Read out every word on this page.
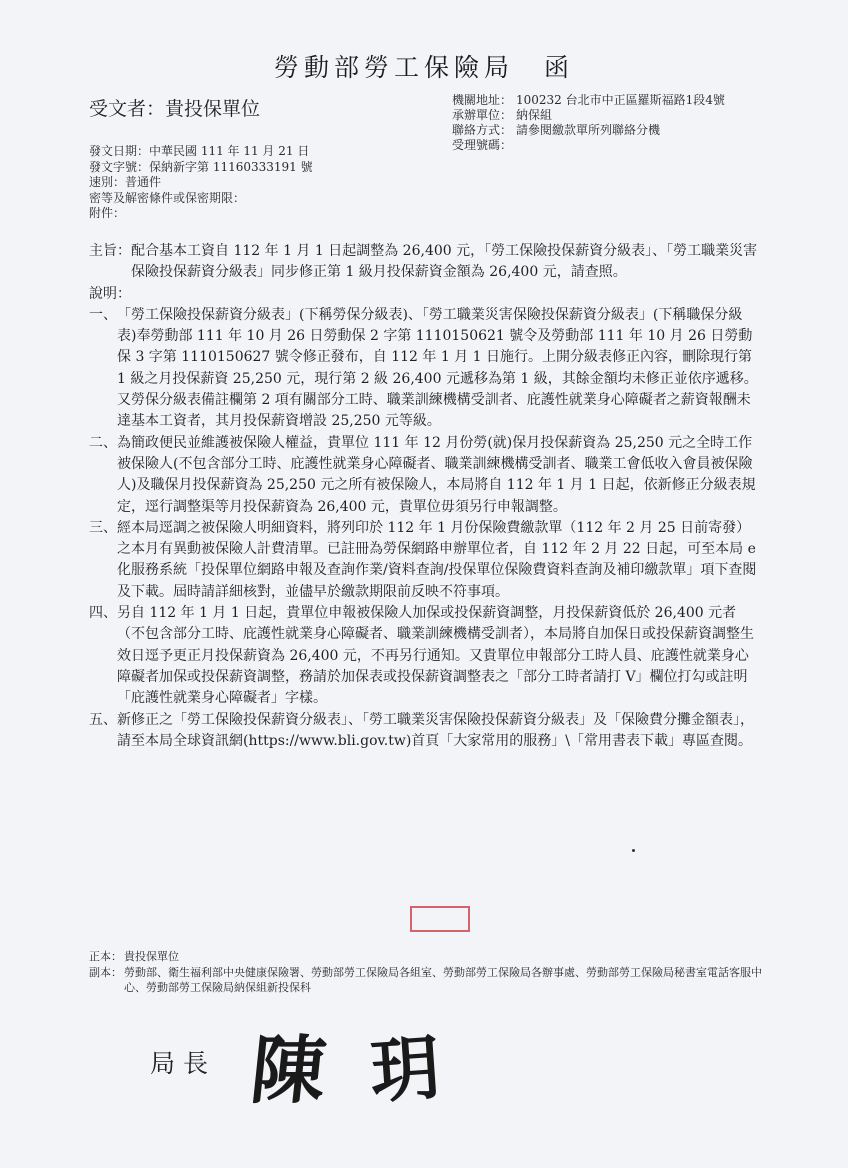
勞動部勞工保險局　函
受文者：貴投保單位	機關地址： 100232 台北市中正區羅斯福路1段4號
承辦單位： 納保組
聯絡方式： 請參閱繳款單所列聯絡分機
受理號碼：
發文日期：中華民國 111 年 11 月 21 日
發文字號：保納新字第 11160333191 號
速別：普通件
密等及解密條件或保密期限：
附件：
主旨： 配合基本工資自 112 年 1 月 1 日起調整為 26,400 元，「勞工保險投保薪資分級表」、「勞工職業災害保險投保薪資分級表」同步修正第 1 級月投保薪資金額為 26,400 元，請查照。
說明：
一、 「勞工保險投保薪資分級表」(下稱勞保分級表)、「勞工職業災害保險投保薪資分級表」(下稱職保分級表)奉勞動部 111 年 10 月 26 日勞動保 2 字第 1110150621 號令及勞動部 111 年 10 月 26 日勞動保 3 字第 1110150627 號令修正發布，自 112 年 1 月 1 日施行。上開分級表修正內容，刪除現行第 1 級之月投保薪資 25,250 元，現行第 2 級 26,400 元遞移為第 1 級，其餘金額均未修正並依序遞移。又勞保分級表備註欄第 2 項有關部分工時、職業訓練機構受訓者、庇護性就業身心障礙者之薪資報酬未達基本工資者，其月投保薪資增設 25,250 元等級。
二、 為簡政便民並維護被保險人權益，貴單位 111 年 12 月份勞(就)保月投保薪資為 25,250 元之全時工作被保險人(不包含部分工時、庇護性就業身心障礙者、職業訓練機構受訓者、職業工會低收入會員被保險人)及職保月投保薪資為 25,250 元之所有被保險人，本局將自 112 年 1 月 1 日起，依新修正分級表規定，逕行調整渠等月投保薪資為 26,400 元，貴單位毋須另行申報調整。
三、 經本局逕調之被保險人明細資料，將列印於 112 年 1 月份保險費繳款單（112 年 2 月 25 日前寄發）之本月有異動被保險人計費清單。已註冊為勞保網路申辦單位者，自 112 年 2 月 22 日起，可至本局 e 化服務系統「投保單位網路申報及查詢作業/資料查詢/投保單位保險費資料查詢及補印繳款單」項下查閱及下載。屆時請詳細核對，並儘早於繳款期限前反映不符事項。
四、 另自 112 年 1 月 1 日起，貴單位申報被保險人加保或投保薪資調整，月投保薪資低於 26,400 元者（不包含部分工時、庇護性就業身心障礙者、職業訓練機構受訓者），本局將自加保日或投保薪資調整生效日逕予更正月投保薪資為 26,400 元，不再另行通知。又貴單位申報部分工時人員、庇護性就業身心障礙者加保或投保薪資調整，務請於加保表或投保薪資調整表之「部分工時者請打 V」欄位打勾或註明「庇護性就業身心障礙者」字樣。
五、 新修正之「勞工保險投保薪資分級表」、「勞工職業災害保險投保薪資分級表」及「保險費分攤金額表」，請至本局全球資訊網(https://www.bli.gov.tw)首頁「大家常用的服務」\「常用書表下載」專區查閱。
正本： 貴投保單位
副本： 勞動部、衛生福利部中央健康保險署、勞動部勞工保險局各組室、勞動部勞工保險局各辦事處、勞動部勞工保險局秘書室電話客服中心、勞動部勞工保險局納保組新投保科
局長 陳 玥
